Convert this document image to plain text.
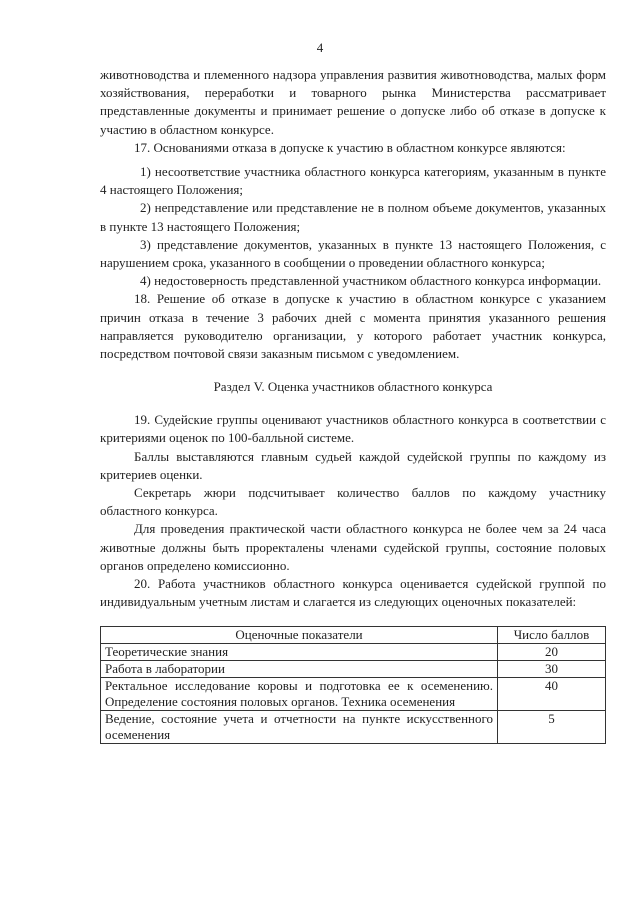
4

животноводства и племенного надзора управления развития животноводства, малых форм хозяйствования, переработки и товарного рынка Министерства рассматривает представленные документы и принимает решение о допуске либо об отказе в допуске к участию в областном конкурсе.

17. Основаниями отказа в допуске к участию в областном конкурсе являются:

1) несоответствие участника областного конкурса категориям, указанным в пункте 4 настоящего Положения;

2) непредставление или представление не в полном объеме документов, указанных в пункте 13 настоящего Положения;

3) представление документов, указанных в пункте 13 настоящего Положения, с нарушением срока, указанного в сообщении о проведении областного конкурса;

4) недостоверность представленной участником областного конкурса информации.

18. Решение об отказе в допуске к участию в областном конкурсе с указанием причин отказа в течение 3 рабочих дней с момента принятия указанного решения направляется руководителю организации, у которого работает участник конкурса, посредством почтовой связи заказным письмом с уведомлением.

Раздел V. Оценка участников областного конкурса

19. Судейские группы оценивают участников областного конкурса в соответствии с критериями оценок по 100-балльной системе.

Баллы выставляются главным судьей каждой судейской группы по каждому из критериев оценки.

Секретарь жюри подсчитывает количество баллов по каждому участнику областного конкурса.

Для проведения практической части областного конкурса не более чем за 24 часа животные должны быть проректалены членами судейской группы, состояние половых органов определено комиссионно.

20. Работа участников областного конкурса оценивается судейской группой по индивидуальным учетным листам и слагается из следующих оценочных показателей:

Оценочные показатели	Число баллов
Теоретические знания	20
Работа в лаборатории	30
Ректальное исследование коровы и подготовка ее к осеменению. Определение состояния половых органов. Техника осеменения	40
Ведение, состояние учета и отчетности на пункте искусственного осеменения	5
